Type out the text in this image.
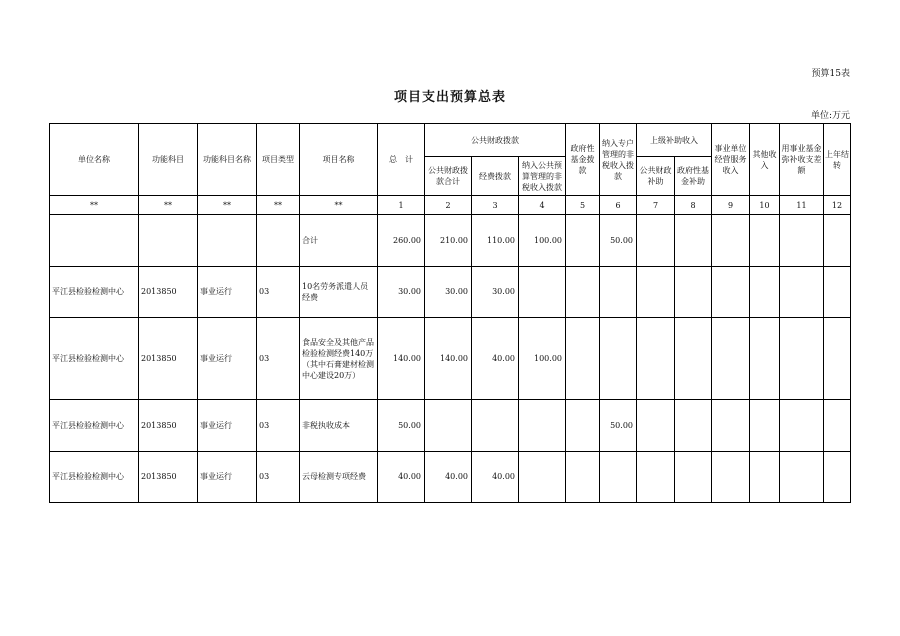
预算15表
项目支出预算总表
单位:万元
单位名称	功能科目	功能科目名称	项目类型	项目名称	总　计	公共财政拨款			政府性基金拨款	纳入专户管理的非税收入拨款	上级补助收入		事业单位经营服务收入	其他收入	用事业基金弥补收支差额	上年结转
						公共财政拨款合计	经费拨款	纳入公共预算管理的非税收入拨款			公共财政补助	政府性基金补助				
**	**	**	**	**	1	2	3	4	5	6	7	8	9	10	11	12
				合计	260.00	210.00	110.00	100.00		50.00						
平江县检验检测中心	2013850	事业运行	03	10名劳务派遣人员经费	30.00	30.00	30.00									
平江县检验检测中心	2013850	事业运行	03	食品安全及其他产品检验检测经费140万（其中石膏建材检测中心建设20万）	140.00	140.00	40.00	100.00								
平江县检验检测中心	2013850	事业运行	03	非税执收成本	50.00					50.00						
平江县检验检测中心	2013850	事业运行	03	云母检测专项经费	40.00	40.00	40.00									
